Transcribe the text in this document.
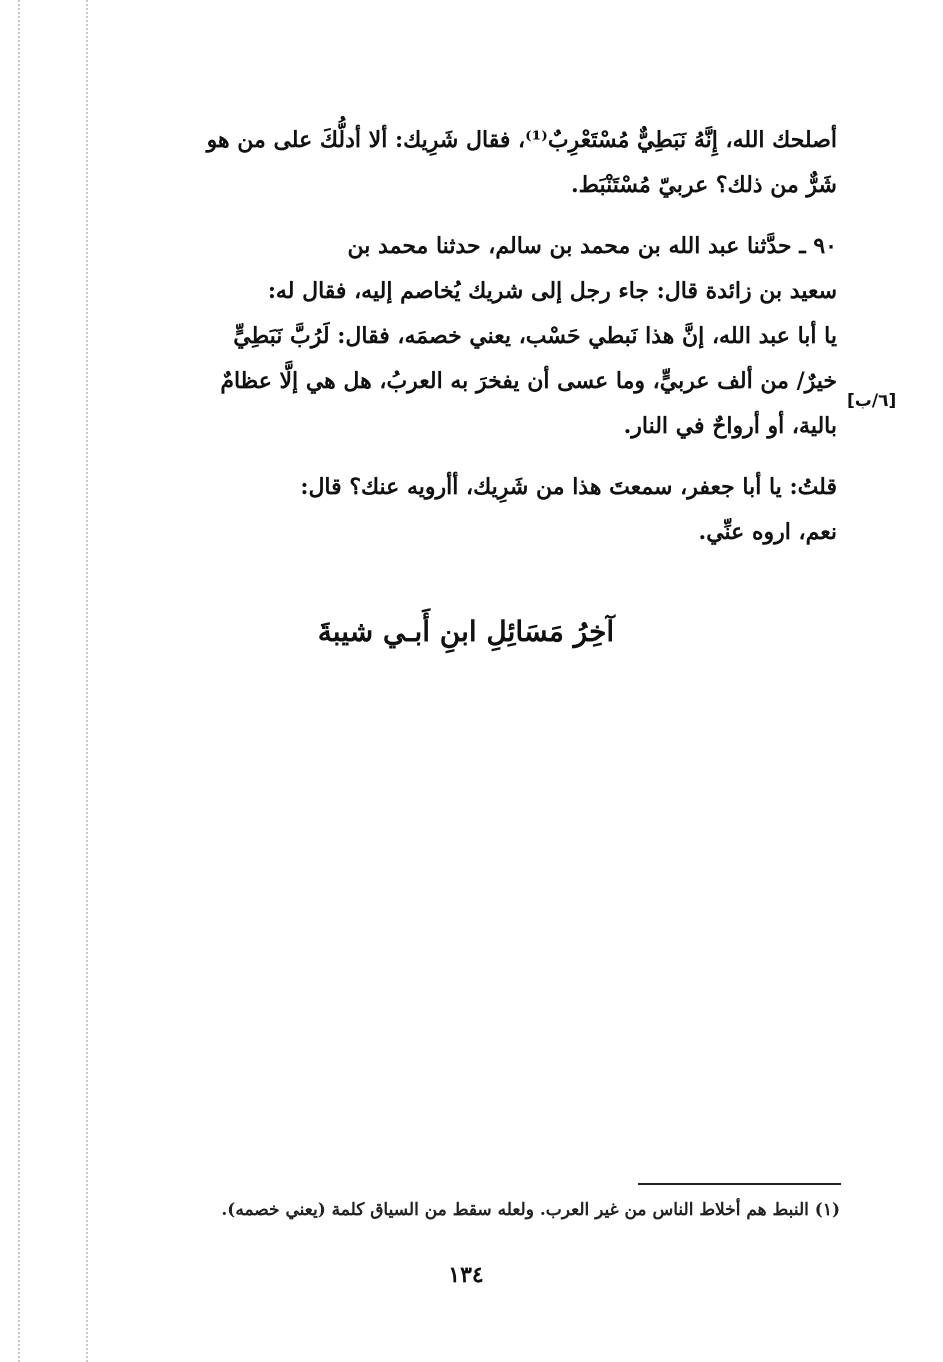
أصلحك الله، إِنَّهُ نَبَطِيٌّ مُسْتَعْرِبٌ⁽¹⁾، فقال شَرِيك: ألا أدلُّكَ على من هو

شَرٌّ من ذلك؟ عربيّ مُسْتَنْبَط.

٩٠ ـ حدَّثنا عبد الله بن محمد بن سالم، حدثنا محمد بن

سعيد بن زائدة قال: جاء رجل إلى شريك يُخاصم إليه، فقال له:

يا أبا عبد الله، إنَّ هذا نَبطي حَسْب، يعني خصمَه، فقال: لَرُبَّ نَبَطِيٍّ

خيرٌ/ من ألف عربيٍّ، وما عسى أن يفخرَ به العربُ، هل هي إلَّا عظامٌ

بالية، أو أرواحٌ في النار.

قلتُ: يا أبا جعفر، سمعتَ هذا من شَرِيك، أأرويه عنك؟ قال:

نعم، اروه عنِّي.

[٦/ب]
آخِرُ مَسَائِلِ ابنِ أَبـي شيبةَ
(١) النبط هم أخلاط الناس من غير العرب. ولعله سقط من السياق كلمة (يعني خصمه).
١٣٤
